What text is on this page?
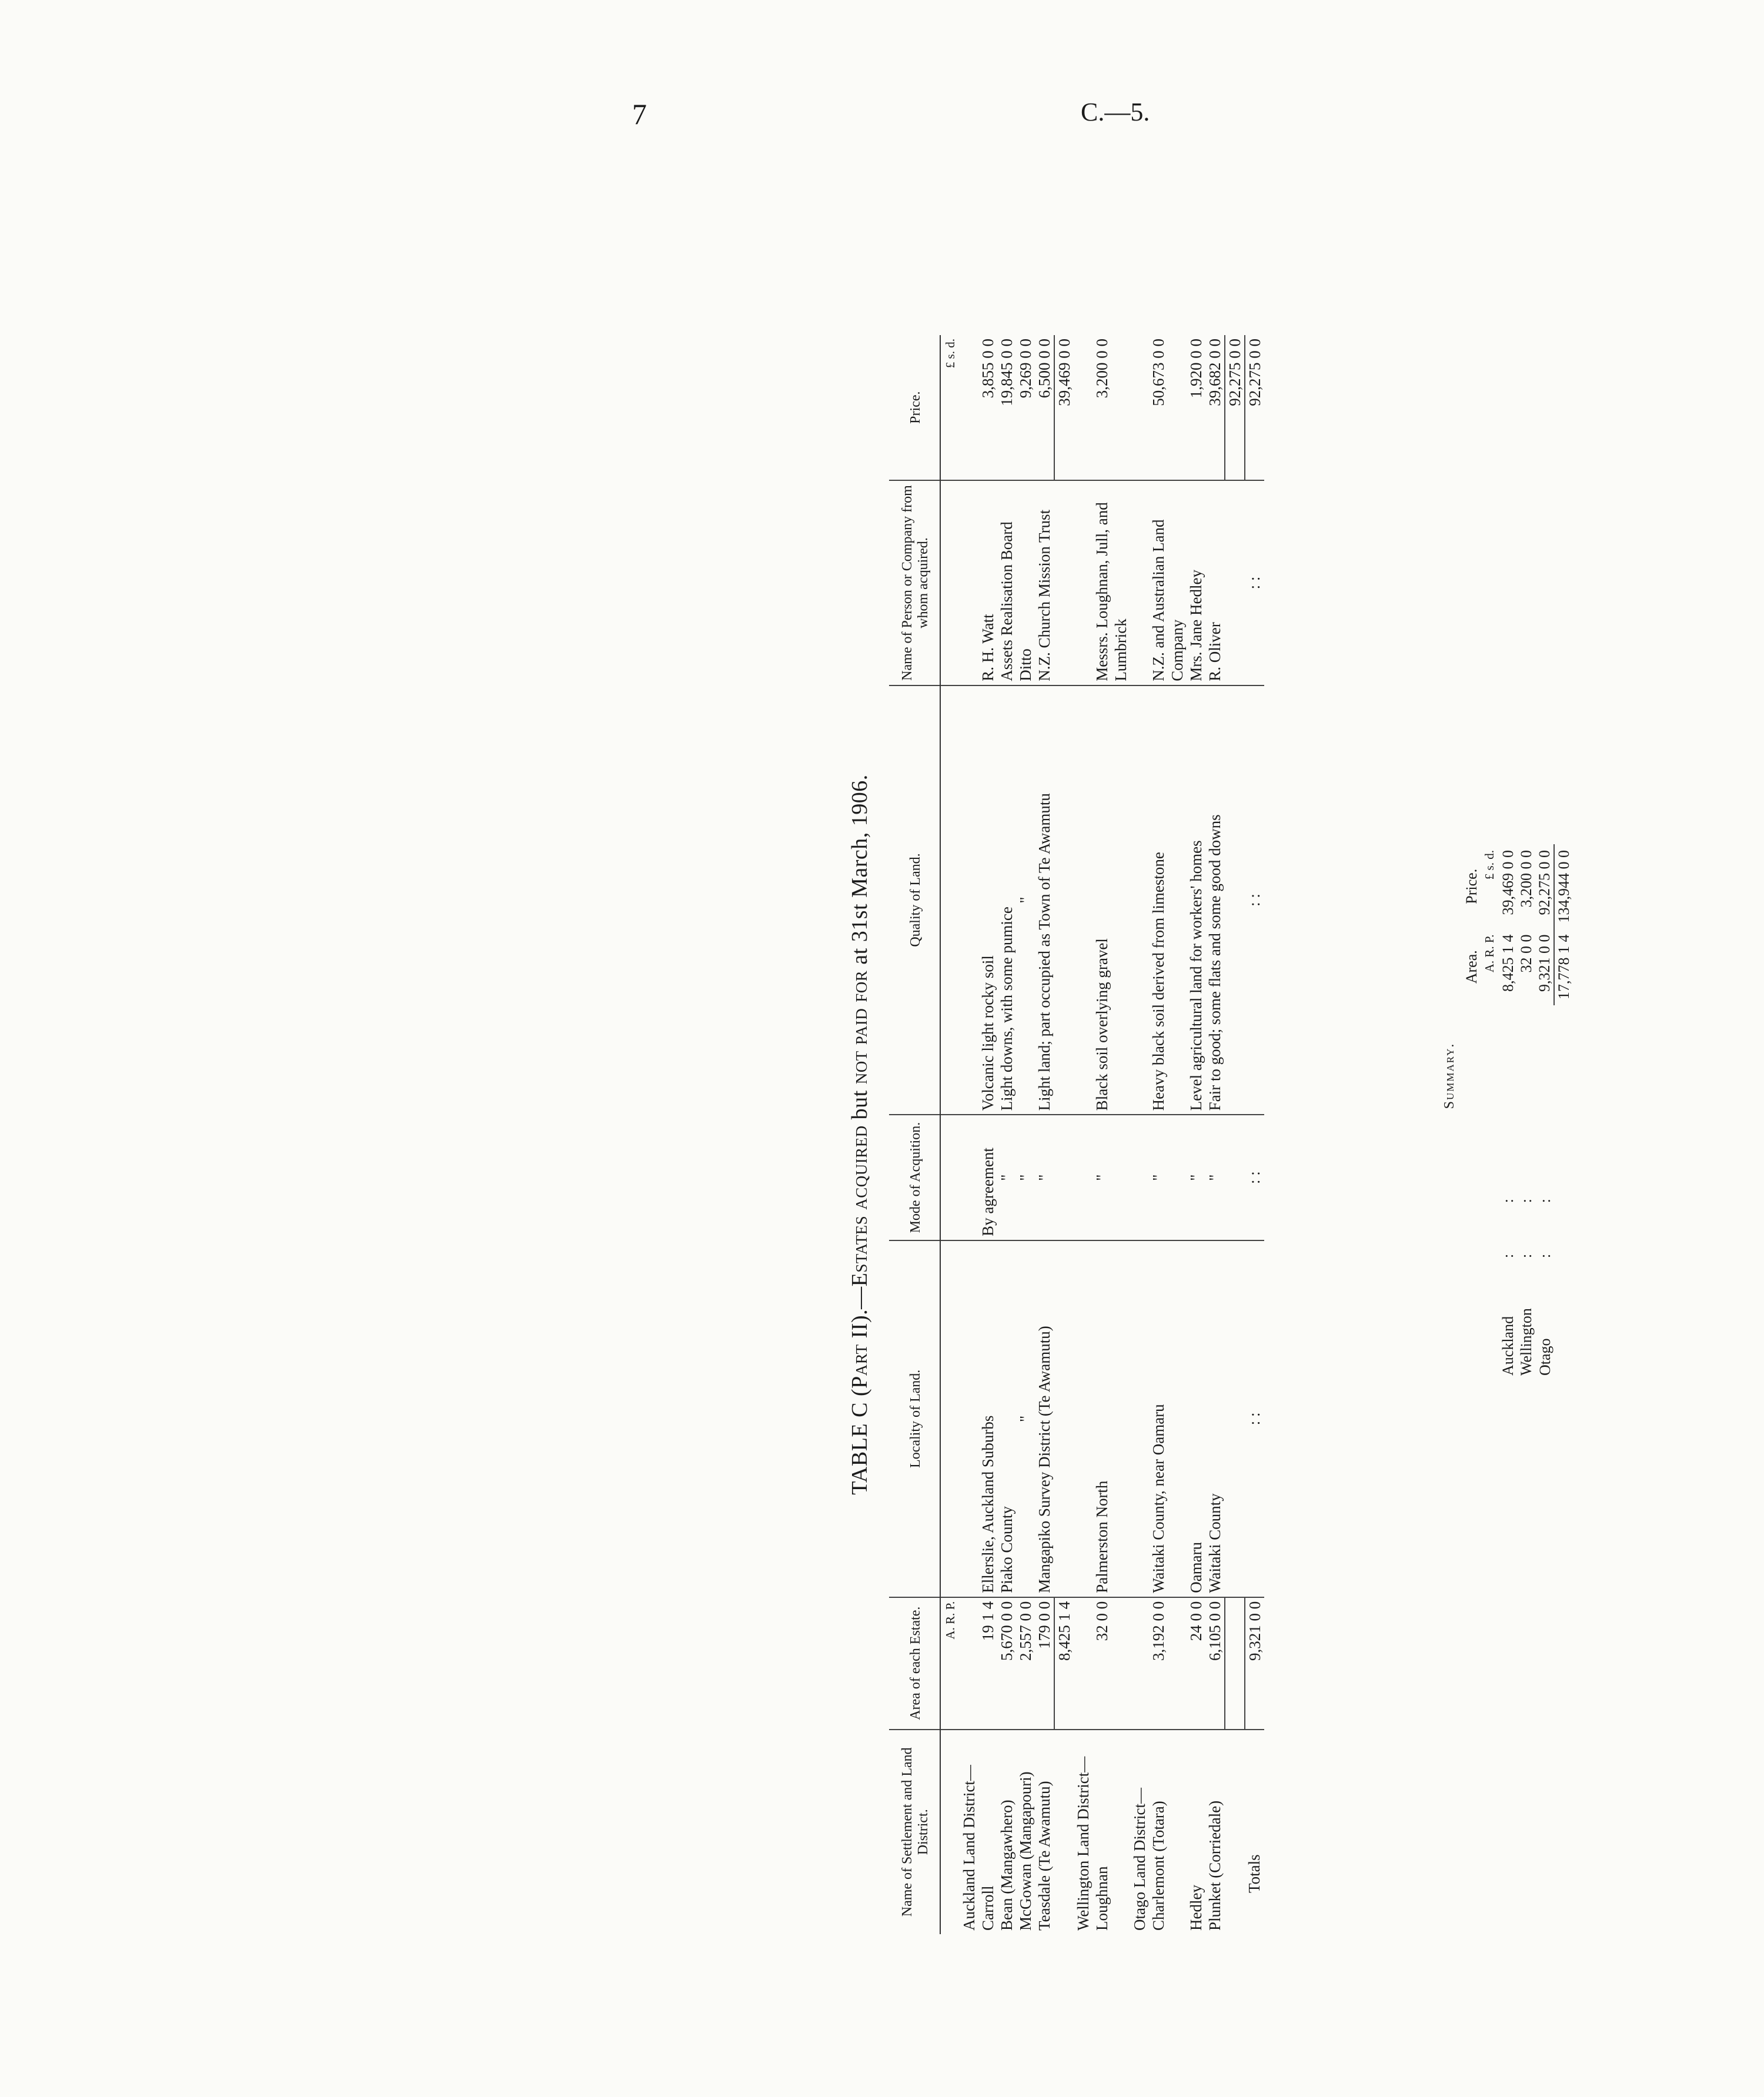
7	C.—5.
TABLE C (Part II).—Estates acquired but not paid for at 31st March, 1906.
Name of Settlement and Land District.	Area of each Estate.	Locality of Land.	Mode of Acquition.	Quality of Land.	Name of Person or Company from whom acquired.	Price.
	A. R. P.					£ s. d.
Auckland Land District—						
Carroll	19 1 4	Ellerslie, Auckland Suburbs	By agreement	Volcanic light rocky soil	R. H. Watt	3,855 0 0
Bean (Mangawhero)	5,670 0 0	Piako County	"	Light downs, with some pumice	Assets Realisation Board	19,845 0 0
McGowan (Mangapouri)	2,557 0 0	"	"	"	Ditto	9,269 0 0
Teasdale (Te Awamutu)	179 0 0	Mangapiko Survey District (Te Awamutu)	"	Light land; part occupied as Town of Te Awamutu	N.Z. Church Mission Trust	6,500 0 0
	8,425 1 4					39,469 0 0
Wellington Land District—						
Loughnan	32 0 0	Palmerston North	"	Black soil overlying gravel	Messrs. Loughnan, Jull, and Lumbrick	3,200 0 0
Otago Land District—						
Charlemont (Totara)	3,192 0 0	Waitaki County, near Oamaru	"	Heavy black soil derived from limestone	N.Z. and Australian Land Company	50,673 0 0
Hedley	24 0 0	Oamaru	"	Level agricultural land for workers' homes	Mrs. Jane Hedley	1,920 0 0
Plunket (Corriedale)	6,105 0 0	Waitaki County	"	Fair to good; some flats and some good downs	R. Oliver	39,682 0 0
						92,275 0 0
Totals	9,321 0 0	: :	: :	: :	: :	92,275 0 0
Summary.
		Area.	Price.
		A. R. P.	£ s. d.
Auckland	: :	8,425 1 4	39,469 0 0
Wellington	: :	32 0 0	3,200 0 0
Otago	: :	9,321 0 0	92,275 0 0
		17,778 1 4	134,944 0 0
